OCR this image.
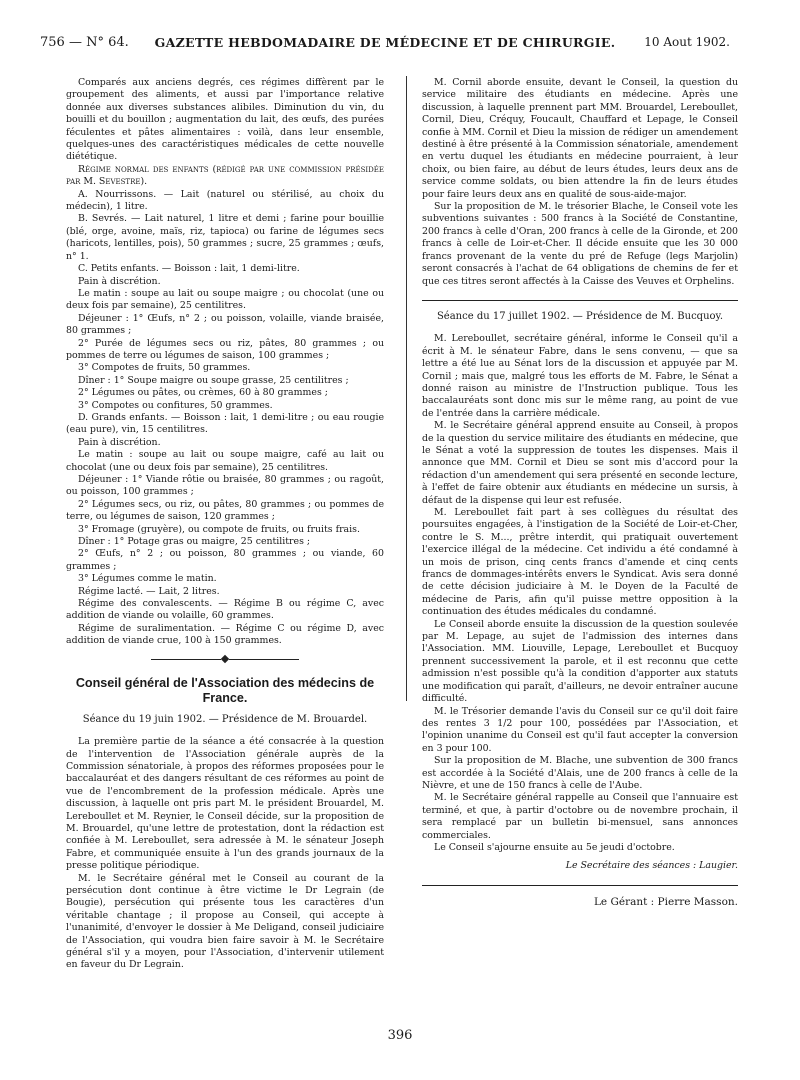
756 — N° 64.	GAZETTE HEBDOMADAIRE DE MÉDECINE ET DE CHIRURGIE.	10 Aout 1902.

Comparés aux anciens degrés, ces régimes diffèrent par le groupement des aliments, et aussi par l'importance relative donnée aux diverses substances alibiles. Diminution du vin, du bouilli et du bouillon ; augmentation du lait, des œufs, des purées féculentes et pâtes alimentaires : voilà, dans leur ensemble, quelques-unes des caractéristiques médicales de cette nouvelle diététique.

Régime normal des enfants (rédigé par une commission présidée par M. Sevestre).

A. Nourrissons. — Lait (naturel ou stérilisé, au choix du médecin), 1 litre.

B. Sevrés. — Lait naturel, 1 litre et demi ; farine pour bouillie (blé, orge, avoine, maïs, riz, tapioca) ou farine de légumes secs (haricots, lentilles, pois), 50 grammes ; sucre, 25 grammes ; œufs, n° 1.

C. Petits enfants. — Boisson : lait, 1 demi-litre.

Pain à discrétion.

Le matin : soupe au lait ou soupe maigre ; ou chocolat (une ou deux fois par semaine), 25 centilitres.

Déjeuner : 1° Œufs, n° 2 ; ou poisson, volaille, viande braisée, 80 grammes ;

2° Purée de légumes secs ou riz, pâtes, 80 grammes ; ou pommes de terre ou légumes de saison, 100 grammes ;

3° Compotes de fruits, 50 grammes.

Dîner : 1° Soupe maigre ou soupe grasse, 25 centilitres ;

2° Légumes ou pâtes, ou crèmes, 60 à 80 grammes ;

3° Compotes ou confitures, 50 grammes.

D. Grands enfants. — Boisson : lait, 1 demi-litre ; ou eau rougie (eau pure), vin, 15 centilitres.

Pain à discrétion.

Le matin : soupe au lait ou soupe maigre, café au lait ou chocolat (une ou deux fois par semaine), 25 centilitres.

Déjeuner : 1° Viande rôtie ou braisée, 80 grammes ; ou ragoût, ou poisson, 100 grammes ;

2° Légumes secs, ou riz, ou pâtes, 80 grammes ; ou pommes de terre, ou légumes de saison, 120 grammes ;

3° Fromage (gruyère), ou compote de fruits, ou fruits frais.

Dîner : 1° Potage gras ou maigre, 25 centilitres ;

2° Œufs, n° 2 ; ou poisson, 80 grammes ; ou viande, 60 grammes ;

3° Légumes comme le matin.

Régime lacté. — Lait, 2 litres.

Régime des convalescents. — Régime B ou régime C, avec addition de viande ou volaille, 60 grammes.

Régime de suralimentation. — Régime C ou régime D, avec addition de viande crue, 100 à 150 grammes.

Conseil général de l'Association des médecins de France.

Séance du 19 juin 1902. — Présidence de M. Brouardel.

La première partie de la séance a été consacrée à la question de l'intervention de l'Association générale auprès de la Commission sénatoriale, à propos des réformes proposées pour le baccalauréat et des dangers résultant de ces réformes au point de vue de l'encombrement de la profession médicale. Après une discussion, à laquelle ont pris part M. le président Brouardel, M. Lereboullet et M. Reynier, le Conseil décide, sur la proposition de M. Brouardel, qu'une lettre de protestation, dont la rédaction est confiée à M. Lereboullet, sera adressée à M. le sénateur Joseph Fabre, et communiquée ensuite à l'un des grands journaux de la presse politique périodique.

M. le Secrétaire général met le Conseil au courant de la persécution dont continue à être victime le Dr Legrain (de Bougie), persécution qui présente tous les caractères d'un véritable chantage ; il propose au Conseil, qui accepte à l'unanimité, d'envoyer le dossier à Me Deligand, conseil judiciaire de l'Association, qui voudra bien faire savoir à M. le Secrétaire général s'il y a moyen, pour l'Association, d'intervenir utilement en faveur du Dr Legrain.

M. Cornil aborde ensuite, devant le Conseil, la question du service militaire des étudiants en médecine. Après une discussion, à laquelle prennent part MM. Brouardel, Lereboullet, Cornil, Dieu, Créquy, Foucault, Chauffard et Lepage, le Conseil confie à MM. Cornil et Dieu la mission de rédiger un amendement destiné à être présenté à la Commission sénatoriale, amendement en vertu duquel les étudiants en médecine pourraient, à leur choix, ou bien faire, au début de leurs études, leurs deux ans de service comme soldats, ou bien attendre la fin de leurs études pour faire leurs deux ans en qualité de sous-aide-major.

Sur la proposition de M. le trésorier Blache, le Conseil vote les subventions suivantes : 500 francs à la Société de Constantine, 200 francs à celle d'Oran, 200 francs à celle de la Gironde, et 200 francs à celle de Loir-et-Cher. Il décide ensuite que les 30 000 francs provenant de la vente du pré de Refuge (legs Marjolin) seront consacrés à l'achat de 64 obligations de chemins de fer et que ces titres seront affectés à la Caisse des Veuves et Orphelins.

Séance du 17 juillet 1902. — Présidence de M. Bucquoy.

M. Lereboullet, secrétaire général, informe le Conseil qu'il a écrit à M. le sénateur Fabre, dans le sens convenu, — que sa lettre a été lue au Sénat lors de la discussion et appuyée par M. Cornil ; mais que, malgré tous les efforts de M. Fabre, le Sénat a donné raison au ministre de l'Instruction publique. Tous les baccalauréats sont donc mis sur le même rang, au point de vue de l'entrée dans la carrière médicale.

M. le Secrétaire général apprend ensuite au Conseil, à propos de la question du service militaire des étudiants en médecine, que le Sénat a voté la suppression de toutes les dispenses. Mais il annonce que MM. Cornil et Dieu se sont mis d'accord pour la rédaction d'un amendement qui sera présenté en seconde lecture, à l'effet de faire obtenir aux étudiants en médecine un sursis, à défaut de la dispense qui leur est refusée.

M. Lereboullet fait part à ses collègues du résultat des poursuites engagées, à l'instigation de la Société de Loir-et-Cher, contre le S. M..., prêtre interdit, qui pratiquait ouvertement l'exercice illégal de la médecine. Cet individu a été condamné à un mois de prison, cinq cents francs d'amende et cinq cents francs de dommages-intérêts envers le Syndicat. Avis sera donné de cette décision judiciaire à M. le Doyen de la Faculté de médecine de Paris, afin qu'il puisse mettre opposition à la continuation des études médicales du condamné.

Le Conseil aborde ensuite la discussion de la question soulevée par M. Lepage, au sujet de l'admission des internes dans l'Association. MM. Liouville, Lepage, Lereboullet et Bucquoy prennent successivement la parole, et il est reconnu que cette admission n'est possible qu'à la condition d'apporter aux statuts une modification qui paraît, d'ailleurs, ne devoir entraîner aucune difficulté.

M. le Trésorier demande l'avis du Conseil sur ce qu'il doit faire des rentes 3 1/2 pour 100, possédées par l'Association, et l'opinion unanime du Conseil est qu'il faut accepter la conversion en 3 pour 100.

Sur la proposition de M. Blache, une subvention de 300 francs est accordée à la Société d'Alais, une de 200 francs à celle de la Nièvre, et une de 150 francs à celle de l'Aube.

M. le Secrétaire général rappelle au Conseil que l'annuaire est terminé, et que, à partir d'octobre ou de novembre prochain, il sera remplacé par un bulletin bi-mensuel, sans annonces commerciales.

Le Conseil s'ajourne ensuite au 5e jeudi d'octobre.

Le Secrétaire des séances : Laugier.

Le Gérant : Pierre Masson.

396
